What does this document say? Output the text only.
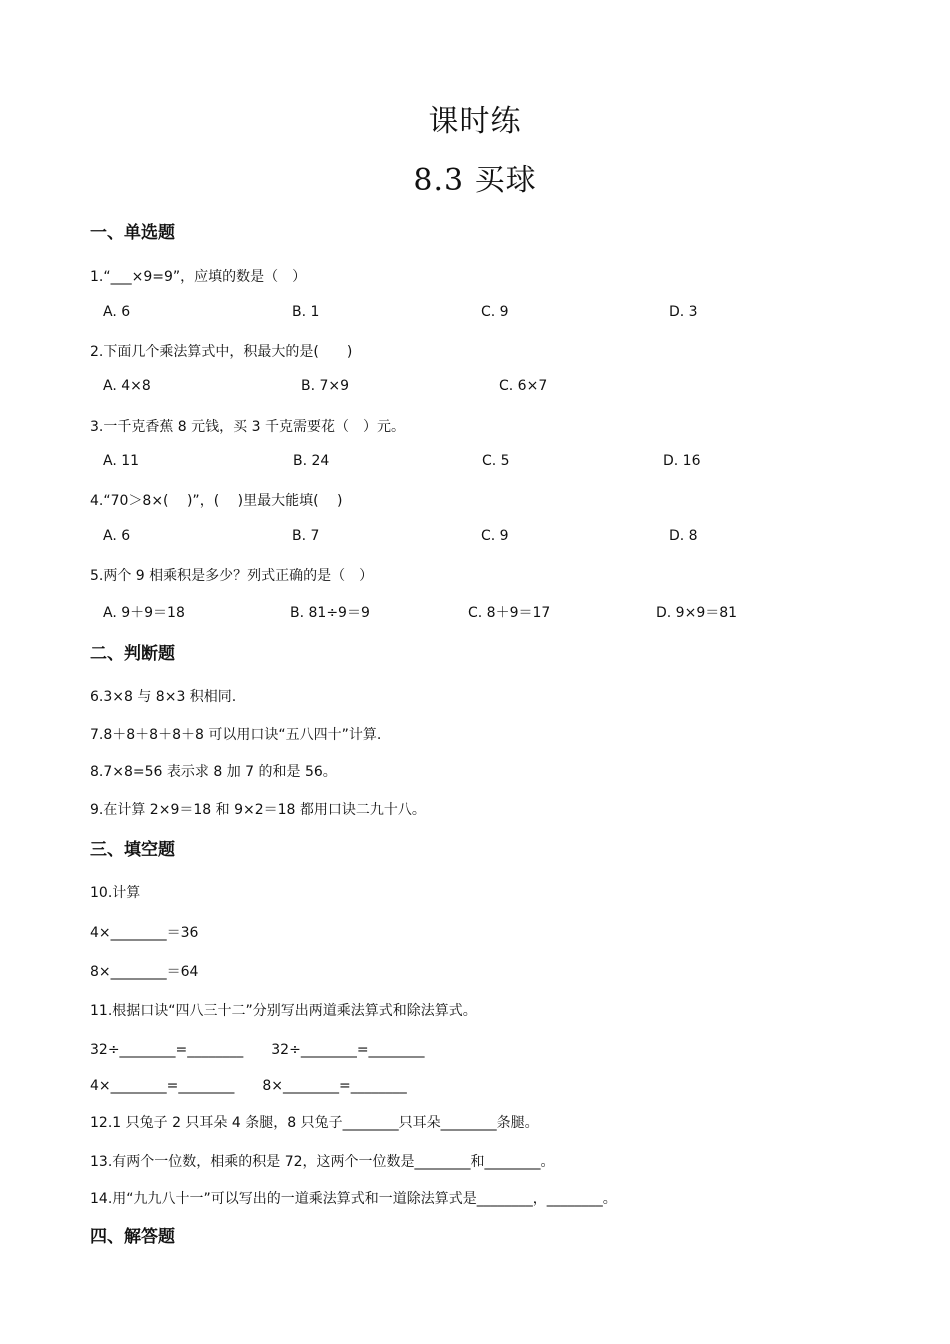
课时练
8.3 买球
一、单选题
1.“___×9=9”，应填的数是（　）
A. 6	B. 1	C. 9	D. 3
2.下面几个乘法算式中，积最大的是(　　)
A. 4×8	B. 7×9	C. 6×7
3.一千克香蕉 8 元钱，买 3 千克需要花（　）元。
A. 11	B. 24	C. 5	D. 16
4.“70＞8×(　 )”，(　 )里最大能填(　 )
A. 6	B. 7	C. 9	D. 8
5.两个 9 相乘积是多少？列式正确的是（　）
A. 9＋9＝18	B. 81÷9＝9	C. 8＋9＝17	D. 9×9＝81
二、判断题
6.3×8 与 8×3 积相同.
7.8＋8＋8＋8＋8 可以用口诀“五八四十”计算.
8.7×8=56 表示求 8 加 7 的和是 56。
9.在计算 2×9＝18 和 9×2＝18 都用口诀二九十八。
三、填空题
10.计算
4×________＝36
8×________＝64
11.根据口诀“四八三十二”分别写出两道乘法算式和除法算式。
32÷________=________　　32÷________=________
4×________=________　　8×________=________
12.1 只兔子 2 只耳朵 4 条腿，8 只兔子________只耳朵________条腿。
13.有两个一位数，相乘的积是 72，这两个一位数是________和________。
14.用“九九八十一”可以写出的一道乘法算式和一道除法算式是________，________。
四、解答题
